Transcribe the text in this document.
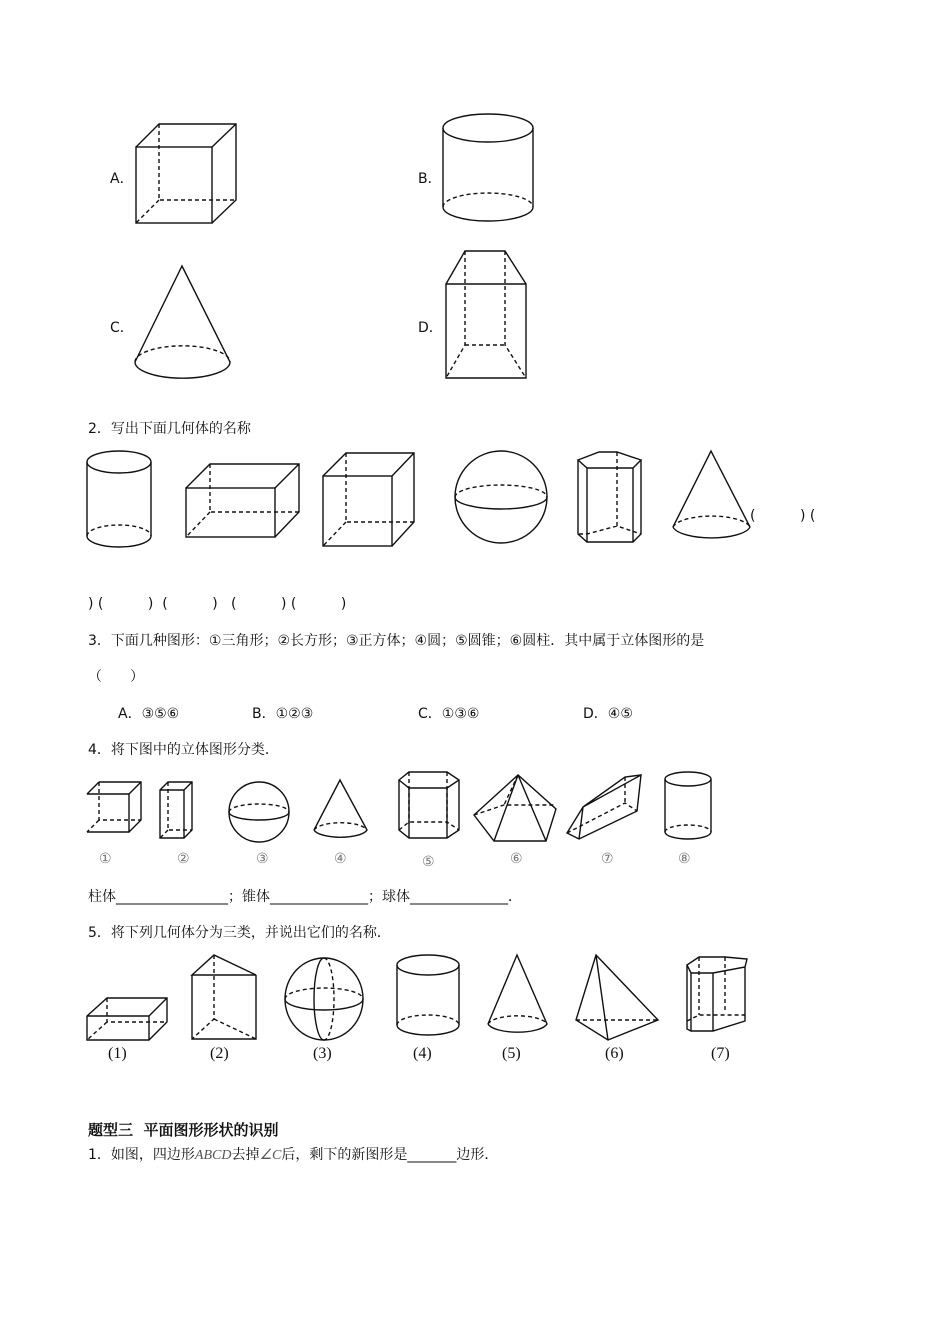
A．	B．
C．	D．
2．写出下面几何体的名称
(          ) (
) (          )  (          )   (          ) (          )
3．下面几种图形：①三角形；②长方形；③正方体；④圆；⑤圆锥；⑥圆柱．其中属于立体图形的是
（　　）
A．③⑤⑥	B．①②③	C．①③⑥	D．④⑤
4．将下图中的立体图形分类．
①	②	③	④	⑤	⑥	⑦	⑧
柱体________________；锥体______________；球体______________．
5．将下列几何体分为三类，并说出它们的名称．
(1)	(2)	(3)	(4)	(5)	(6)	(7)
题型三  平面图形形状的识别
1．如图，四边形ABCD去掉∠C后，剩下的新图形是_______边形．
